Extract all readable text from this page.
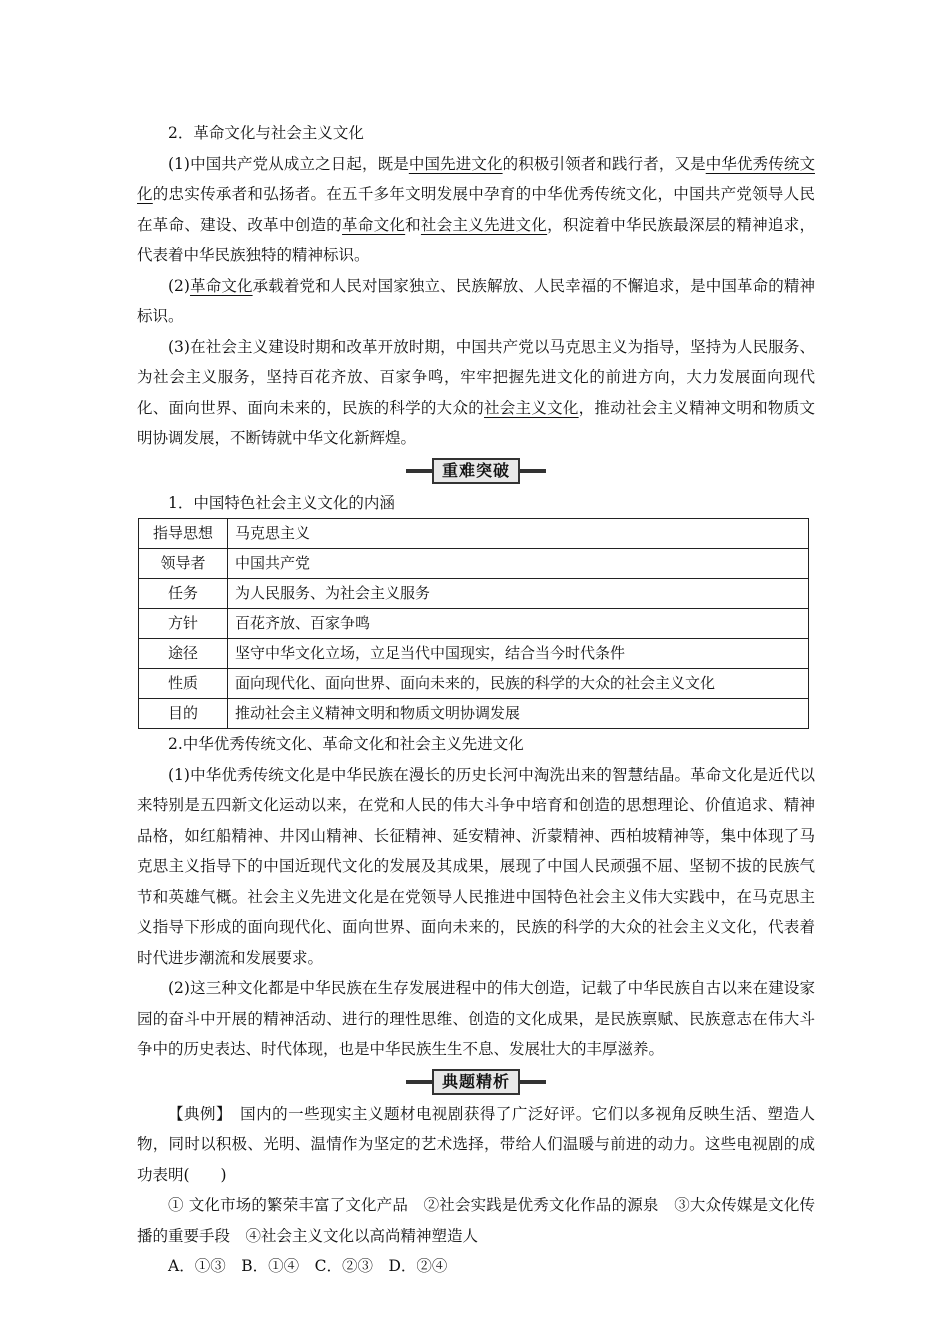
2．革命文化与社会主义文化

(1)中国共产党从成立之日起，既是中国先进文化的积极引领者和践行者，又是中华优秀传统文化的忠实传承者和弘扬者。在五千多年文明发展中孕育的中华优秀传统文化，中国共产党领导人民在革命、建设、改革中创造的革命文化和社会主义先进文化，积淀着中华民族最深层的精神追求，代表着中华民族独特的精神标识。

(2)革命文化承载着党和人民对国家独立、民族解放、人民幸福的不懈追求，是中国革命的精神标识。

(3)在社会主义建设时期和改革开放时期，中国共产党以马克思主义为指导，坚持为人民服务、为社会主义服务，坚持百花齐放、百家争鸣，牢牢把握先进文化的前进方向，大力发展面向现代化、面向世界、面向未来的，民族的科学的大众的社会主义文化，推动社会主义精神文明和物质文明协调发展，不断铸就中华文化新辉煌。

重难突破

1．中国特色社会主义文化的内涵

指导思想	马克思主义
领导者	中国共产党
任务	为人民服务、为社会主义服务
方针	百花齐放、百家争鸣
途径	坚守中华文化立场，立足当代中国现实，结合当今时代条件
性质	面向现代化、面向世界、面向未来的，民族的科学的大众的社会主义文化
目的	推动社会主义精神文明和物质文明协调发展

2.中华优秀传统文化、革命文化和社会主义先进文化

(1)中华优秀传统文化是中华民族在漫长的历史长河中淘洗出来的智慧结晶。革命文化是近代以来特别是五四新文化运动以来，在党和人民的伟大斗争中培育和创造的思想理论、价值追求、精神品格，如红船精神、井冈山精神、长征精神、延安精神、沂蒙精神、西柏坡精神等，集中体现了马克思主义指导下的中国近现代文化的发展及其成果，展现了中国人民顽强不屈、坚韧不拔的民族气节和英雄气概。社会主义先进文化是在党领导人民推进中国特色社会主义伟大实践中，在马克思主义指导下形成的面向现代化、面向世界、面向未来的，民族的科学的大众的社会主义文化，代表着时代进步潮流和发展要求。

(2)这三种文化都是中华民族在生存发展进程中的伟大创造，记载了中华民族自古以来在建设家园的奋斗中开展的精神活动、进行的理性思维、创造的文化成果，是民族禀赋、民族意志在伟大斗争中的历史表达、时代体现，也是中华民族生生不息、发展壮大的丰厚滋养。

典题精析

【典例】　国内的一些现实主义题材电视剧获得了广泛好评。它们以多视角反映生活、塑造人物，同时以积极、光明、温情作为坚定的艺术选择，带给人们温暖与前进的动力。这些电视剧的成功表明(　　)

① 文化市场的繁荣丰富了文化产品　②社会实践是优秀文化作品的源泉　③大众传媒是文化传播的重要手段　④社会主义文化以高尚精神塑造人

A．①③　B．①④　C．②③　D．②④
